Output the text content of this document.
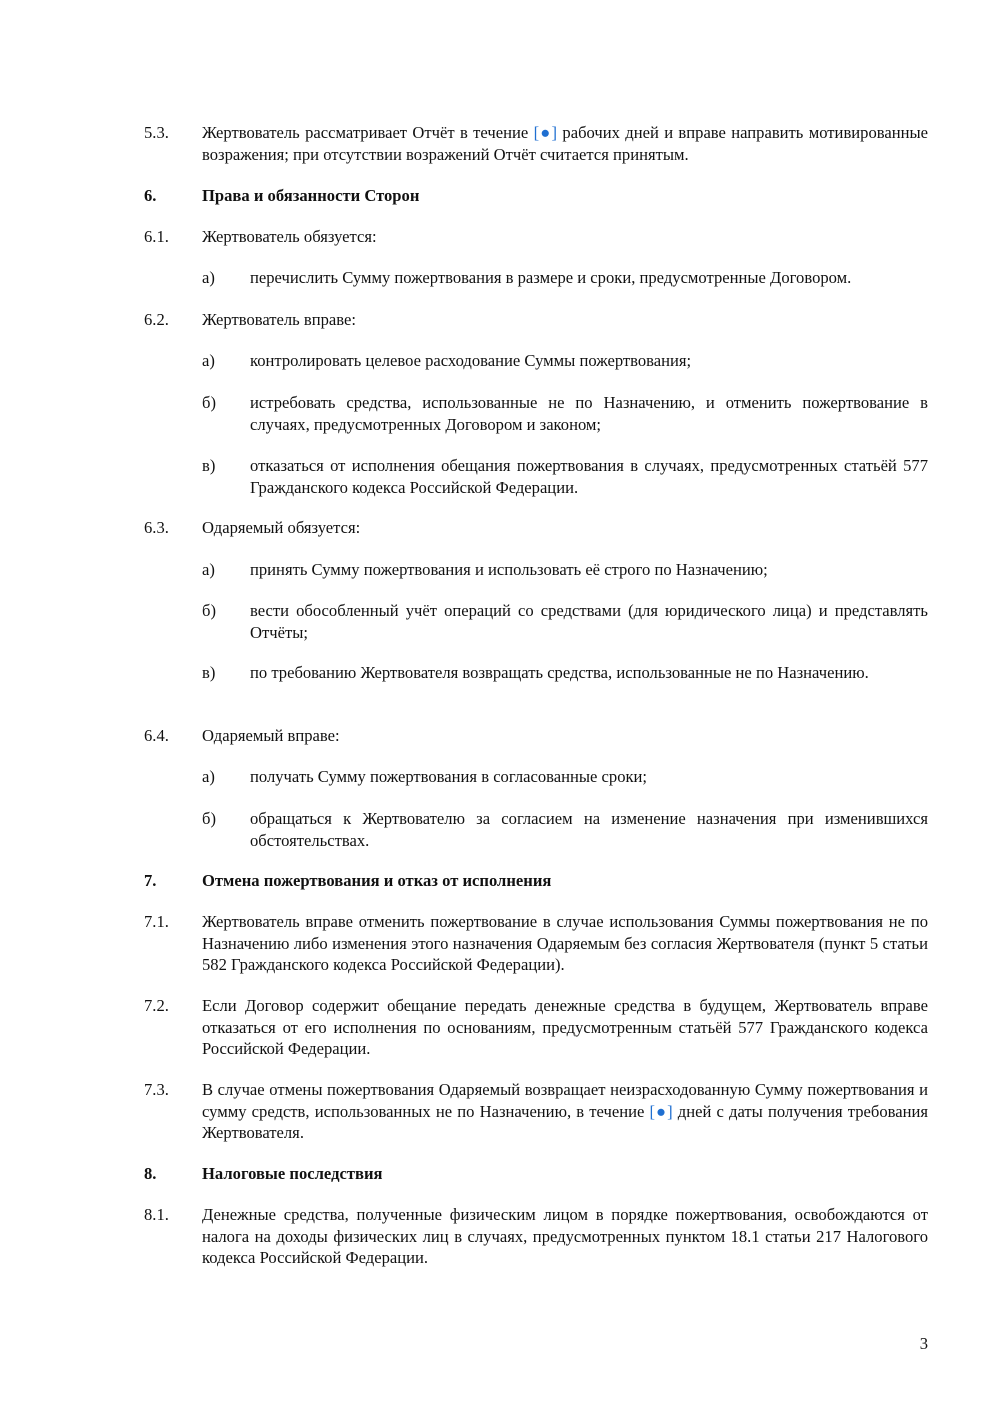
5.3. Жертвователь рассматривает Отчёт в течение [●] рабочих дней и вправе направить мотивированные возражения; при отсутствии возражений Отчёт считается принятым.
6.	Права и обязанности Сторон
6.1. Жертвователь обязуется:
а) перечислить Сумму пожертвования в размере и сроки, предусмотренные Договором.
6.2. Жертвователь вправе:
а) контролировать целевое расходование Суммы пожертвования;
б) истребовать средства, использованные не по Назначению, и отменить пожертвование в случаях, предусмотренных Договором и законом;
в) отказаться от исполнения обещания пожертвования в случаях, предусмотренных статьёй 577 Гражданского кодекса Российской Федерации.
6.3. Одаряемый обязуется:
а) принять Сумму пожертвования и использовать её строго по Назначению;
б) вести обособленный учёт операций со средствами (для юридического лица) и представлять Отчёты;
в) по требованию Жертвователя возвращать средства, использованные не по Назначению.
6.4. Одаряемый вправе:
а) получать Сумму пожертвования в согласованные сроки;
б) обращаться к Жертвователю за согласием на изменение назначения при изменившихся обстоятельствах.
7.	Отмена пожертвования и отказ от исполнения
7.1. Жертвователь вправе отменить пожертвование в случае использования Суммы пожертвования не по Назначению либо изменения этого назначения Одаряемым без согласия Жертвователя (пункт 5 статьи 582 Гражданского кодекса Российской Федерации).
7.2. Если Договор содержит обещание передать денежные средства в будущем, Жертвователь вправе отказаться от его исполнения по основаниям, предусмотренным статьёй 577 Гражданского кодекса Российской Федерации.
7.3. В случае отмены пожертвования Одаряемый возвращает неизрасходованную Сумму пожертвования и сумму средств, использованных не по Назначению, в течение [●] дней с даты получения требования Жертвователя.
8.	Налоговые последствия
8.1. Денежные средства, полученные физическим лицом в порядке пожертвования, освобождаются от налога на доходы физических лиц в случаях, предусмотренных пунктом 18.1 статьи 217 Налогового кодекса Российской Федерации.
3
